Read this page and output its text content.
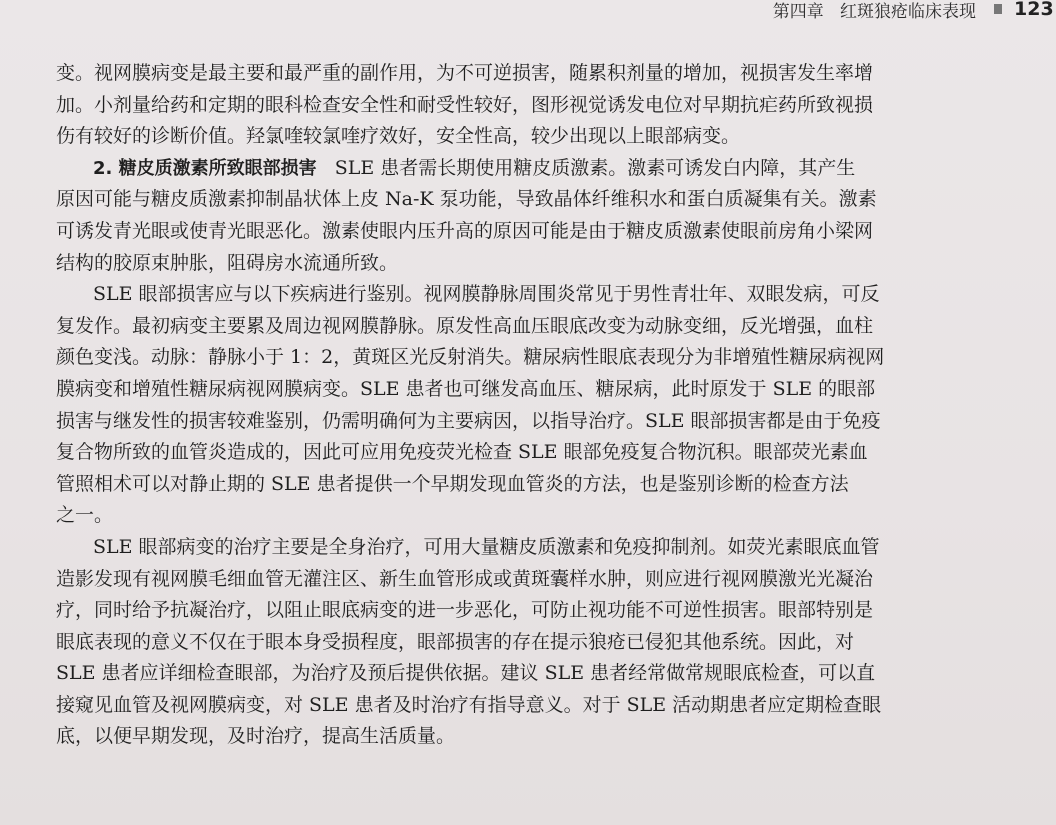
第四章   红斑狼疮临床表现 123
变。视网膜病变是最主要和最严重的副作用，为不可逆损害，随累积剂量的增加，视损害发生率增
加。小剂量给药和定期的眼科检查安全性和耐受性较好，图形视觉诱发电位对早期抗疟药所致视损
伤有较好的诊断价值。羟氯喹较氯喹疗效好，安全性高，较少出现以上眼部病变。
2. 糖皮质激素所致眼部损害   SLE 患者需长期使用糖皮质激素。激素可诱发白内障，其产生
原因可能与糖皮质激素抑制晶状体上皮 Na-K 泵功能，导致晶体纤维积水和蛋白质凝集有关。激素
可诱发青光眼或使青光眼恶化。激素使眼内压升高的原因可能是由于糖皮质激素使眼前房角小梁网
结构的胶原束肿胀，阻碍房水流通所致。
SLE 眼部损害应与以下疾病进行鉴别。视网膜静脉周围炎常见于男性青壮年、双眼发病，可反
复发作。最初病变主要累及周边视网膜静脉。原发性高血压眼底改变为动脉变细，反光增强，血柱
颜色变浅。动脉：静脉小于 1：2，黄斑区光反射消失。糖尿病性眼底表现分为非增殖性糖尿病视网
膜病变和增殖性糖尿病视网膜病变。SLE 患者也可继发高血压、糖尿病，此时原发于 SLE 的眼部
损害与继发性的损害较难鉴别，仍需明确何为主要病因，以指导治疗。SLE 眼部损害都是由于免疫
复合物所致的血管炎造成的，因此可应用免疫荧光检查 SLE 眼部免疫复合物沉积。眼部荧光素血
管照相术可以对静止期的 SLE 患者提供一个早期发现血管炎的方法，也是鉴别诊断的检查方法
之一。
SLE 眼部病变的治疗主要是全身治疗，可用大量糖皮质激素和免疫抑制剂。如荧光素眼底血管
造影发现有视网膜毛细血管无灌注区、新生血管形成或黄斑囊样水肿，则应进行视网膜激光光凝治
疗，同时给予抗凝治疗，以阻止眼底病变的进一步恶化，可防止视功能不可逆性损害。眼部特别是
眼底表现的意义不仅在于眼本身受损程度，眼部损害的存在提示狼疮已侵犯其他系统。因此，对
SLE 患者应详细检查眼部，为治疗及预后提供依据。建议 SLE 患者经常做常规眼底检查，可以直
接窥见血管及视网膜病变，对 SLE 患者及时治疗有指导意义。对于 SLE 活动期患者应定期检查眼
底，以便早期发现，及时治疗，提高生活质量。
